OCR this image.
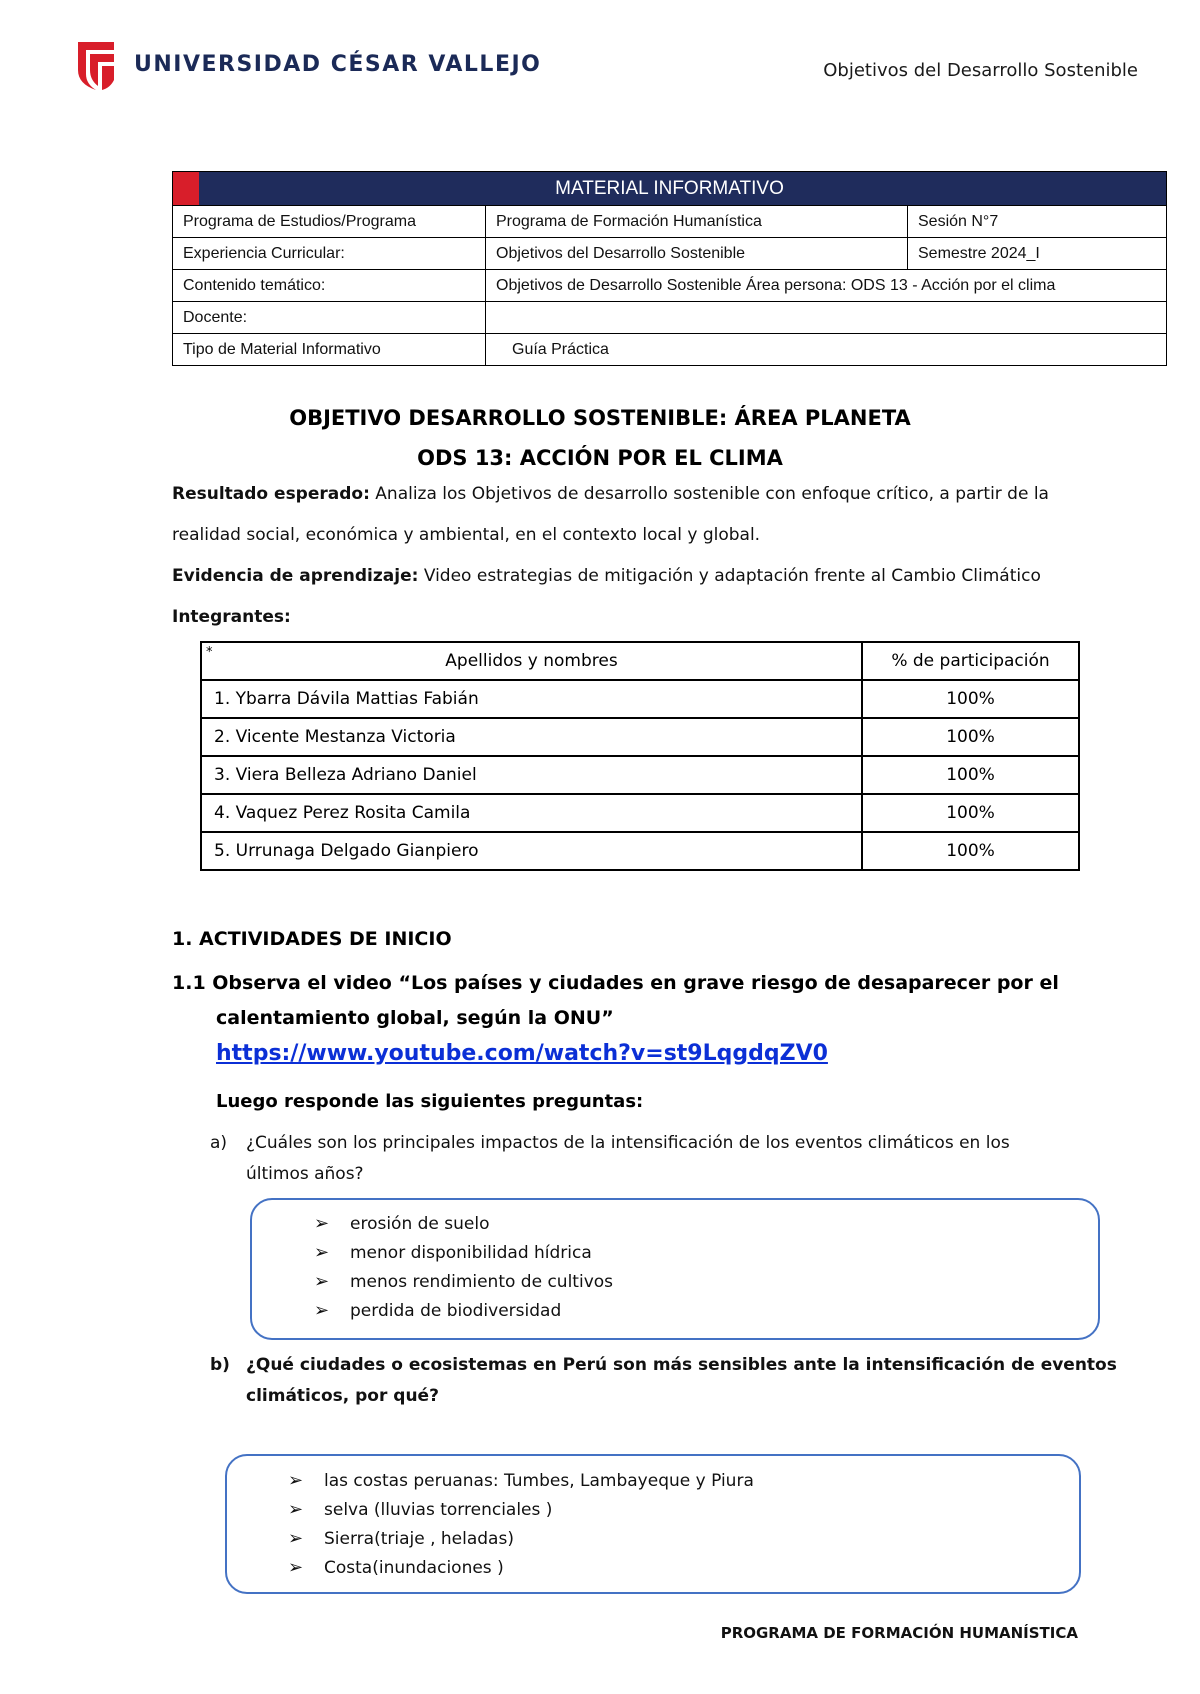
UNIVERSIDAD CÉSAR VALLEJO	Objetivos del Desarrollo Sostenible
MATERIAL INFORMATIVO		
Programa de Estudios/Programa	Programa de Formación Humanística	Sesión N°7
Experiencia Curricular:	Objetivos del Desarrollo Sostenible	Semestre 2024_I
Contenido temático:	Objetivos de Desarrollo Sostenible Área persona: ODS 13 - Acción por el clima	
Docente:		
Tipo de Material Informativo	Guía Práctica	
OBJETIVO DESARROLLO SOSTENIBLE: ÁREA PLANETA
ODS 13: ACCIÓN POR EL CLIMA
Resultado esperado: Analiza los Objetivos de desarrollo sostenible con enfoque crítico, a partir de la
realidad social, económica y ambiental, en el contexto local y global.
Evidencia de aprendizaje: Video estrategias de mitigación y adaptación frente al Cambio Climático
Integrantes:
* Apellidos y nombres	% de participación
1. Ybarra Dávila Mattias Fabián	100%
2. Vicente Mestanza Victoria	100%
3. Viera Belleza Adriano Daniel	100%
4. Vaquez Perez Rosita Camila	100%
5. Urrunaga Delgado Gianpiero	100%
1. ACTIVIDADES DE INICIO
1.1 Observa el video “Los países y ciudades en grave riesgo de desaparecer por el
calentamiento global, según la ONU”
https://www.youtube.com/watch?v=st9LqgdqZV0
Luego responde las siguientes preguntas:
a) ¿Cuáles son los principales impactos de la intensificación de los eventos climáticos en los
últimos años?
➢	erosión de suelo
➢	menor disponibilidad hídrica
➢	menos rendimiento de cultivos
➢	perdida de biodiversidad
b) ¿Qué ciudades o ecosistemas en Perú son más sensibles ante la intensificación de eventos
climáticos, por qué?
➢	las costas peruanas: Tumbes, Lambayeque y Piura
➢	selva (lluvias torrenciales )
➢	Sierra(triaje , heladas)
➢	Costa(inundaciones )
PROGRAMA DE FORMACIÓN HUMANÍSTICA
